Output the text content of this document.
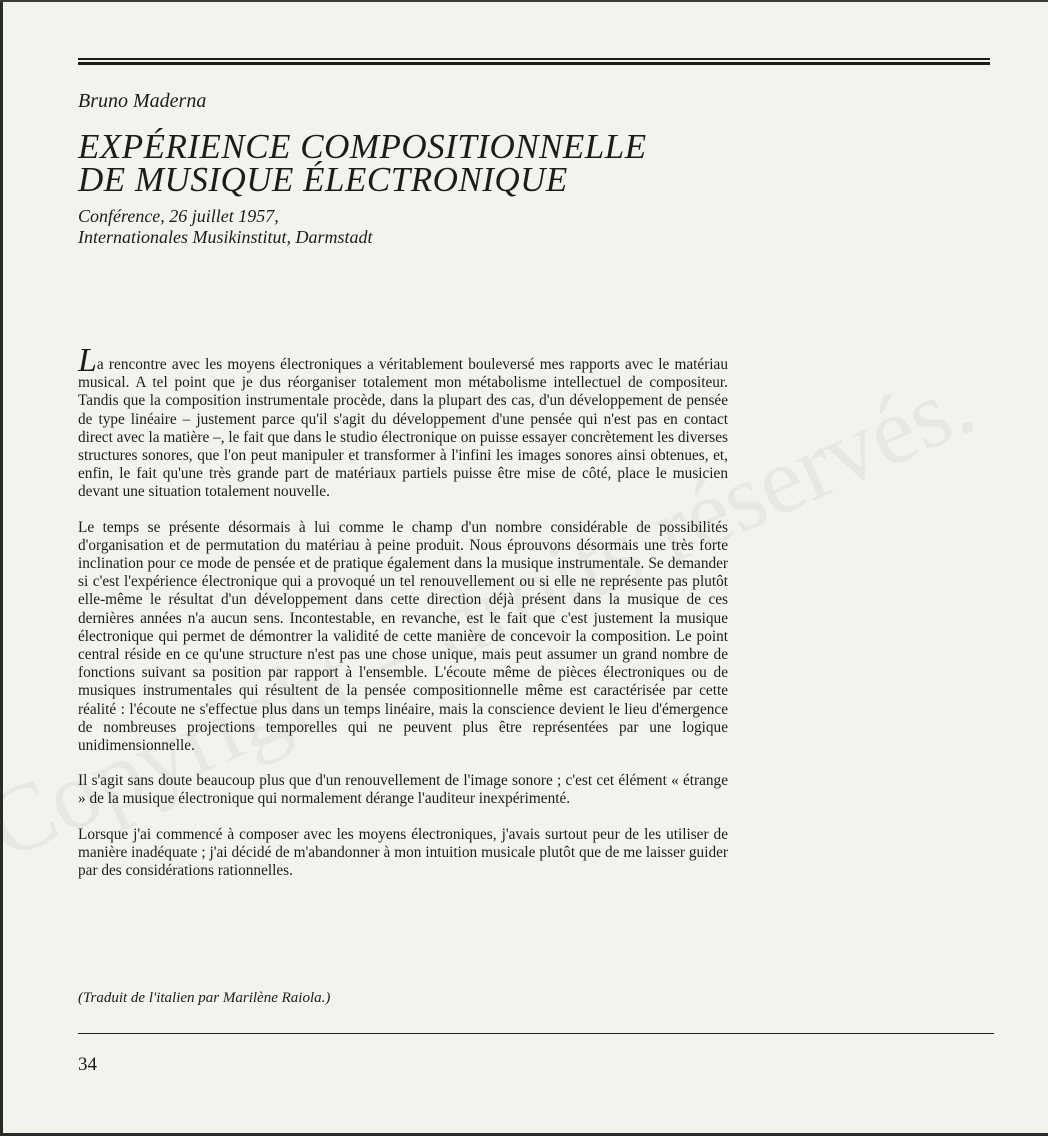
Bruno Maderna
EXPÉRIENCE COMPOSITIONNELLE
DE MUSIQUE ÉLECTRONIQUE
Conférence, 26 juillet 1957,
Internationales Musikinstitut, Darmstadt

La rencontre avec les moyens électroniques a véritablement bouleversé mes rapports avec le matériau musical. A tel point que je dus réorganiser totalement mon métabolisme intellectuel de compositeur. Tandis que la composition instrumentale procède, dans la plupart des cas, d'un développement de pensée de type linéaire – justement parce qu'il s'agit du développement d'une pensée qui n'est pas en contact direct avec la matière –, le fait que dans le studio électronique on puisse essayer concrètement les diverses structures sonores, que l'on peut manipuler et transformer à l'infini les images sonores ainsi obtenues, et, enfin, le fait qu'une très grande part de matériaux partiels puisse être mise de côté, place le musicien devant une situation totalement nouvelle.

Le temps se présente désormais à lui comme le champ d'un nombre considérable de possibilités d'organisation et de permutation du matériau à peine produit. Nous éprouvons désormais une très forte inclination pour ce mode de pensée et de pratique également dans la musique instrumentale. Se demander si c'est l'expérience électronique qui a provoqué un tel renouvellement ou si elle ne représente pas plutôt elle-même le résultat d'un développement dans cette direction déjà présent dans la musique de ces dernières années n'a aucun sens. Incontestable, en revanche, est le fait que c'est justement la musique électronique qui permet de démontrer la validité de cette manière de concevoir la composition. Le point central réside en ce qu'une structure n'est pas une chose unique, mais peut assumer un grand nombre de fonctions suivant sa position par rapport à l'ensemble. L'écoute même de pièces électroniques ou de musiques instrumentales qui résultent de la pensée compositionnelle même est caractérisée par cette réalité : l'écoute ne s'effectue plus dans un temps linéaire, mais la conscience devient le lieu d'émergence de nombreuses projections temporelles qui ne peuvent plus être représentées par une logique unidimensionnelle.

Il s'agit sans doute beaucoup plus que d'un renouvellement de l'image sonore ; c'est cet élément « étrange » de la musique électronique qui normalement dérange l'auditeur inexpérimenté.

Lorsque j'ai commencé à composer avec les moyens électroniques, j'avais surtout peur de les utiliser de manière inadéquate ; j'ai décidé de m'abandonner à mon intuition musicale plutôt que de me laisser guider par des considérations rationnelles.

(Traduit de l'italien par Marilène Raiola.)
34
